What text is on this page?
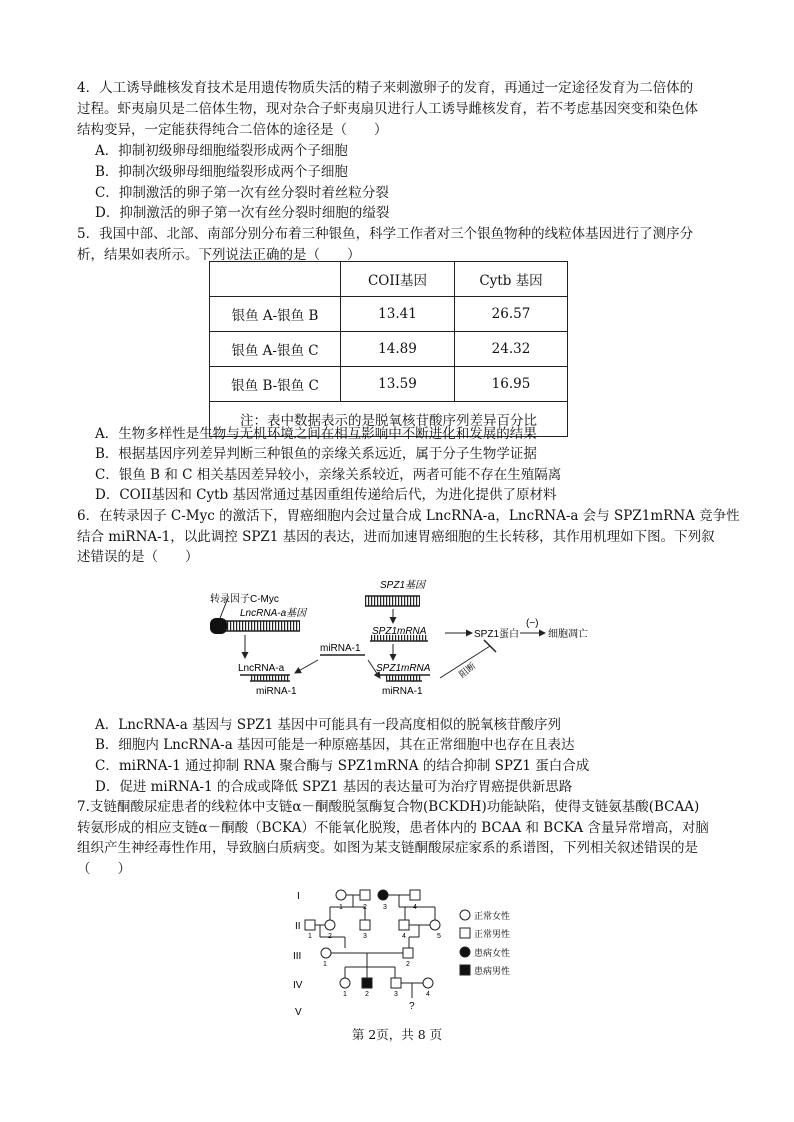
4．人工诱导雌核发育技术是用遗传物质失活的精子来刺激卵子的发育，再通过一定途径发育为二倍体的
过程。虾夷扇贝是二倍体生物，现对杂合子虾夷扇贝进行人工诱导雌核发育，若不考虑基因突变和染色体
结构变异，一定能获得纯合二倍体的途径是（　　）
A．抑制初级卵母细胞缢裂形成两个子细胞
B．抑制次级卵母细胞缢裂形成两个子细胞
C．抑制激活的卵子第一次有丝分裂时着丝粒分裂
D．抑制激活的卵子第一次有丝分裂时细胞的缢裂
5．我国中部、北部、南部分别分布着三种银鱼，科学工作者对三个银鱼物种的线粒体基因进行了测序分
析，结果如表所示。下列说法正确的是（　　）
	COII基因	Cytb 基因
银鱼 A-银鱼 B	13.41	26.57
银鱼 A-银鱼 C	14.89	24.32
银鱼 B-银鱼 C	13.59	16.95
注：表中数据表示的是脱氧核苷酸序列差异百分比		
A．生物多样性是生物与无机环境之间在相互影响中不断进化和发展的结果
B．根据基因序列差异判断三种银鱼的亲缘关系远近，属于分子生物学证据
C．银鱼 B 和 C 相关基因差异较小，亲缘关系较近，两者可能不存在生殖隔离
D．COII基因和 Cytb 基因常通过基因重组传递给后代，为进化提供了原材料
6．在转录因子 C-Myc 的激活下，胃癌细胞内会过量合成 LncRNA-a，LncRNA-a 会与 SPZ1mRNA 竞争性
结合 miRNA-1，以此调控 SPZ1 基因的表达，进而加速胃癌细胞的生长转移，其作用机理如下图。下列叙
述错误的是（　　）
转录因子C-Myc
LncRNA-a基因
SPZ1基因
SPZ1mRNA	SPZ1蛋白
(−)
细胞凋亡
miRNA-1
LncRNA-a
miRNA-1
SPZ1mRNA
miRNA-1
阻断
A．LncRNA-a 基因与 SPZ1 基因中可能具有一段高度相似的脱氧核苷酸序列
B．细胞内 LncRNA-a 基因可能是一种原癌基因，其在正常细胞中也存在且表达
C．miRNA-1 通过抑制 RNA 聚合酶与 SPZ1mRNA 的结合抑制 SPZ1 蛋白合成
D．促进 miRNA-1 的合成或降低 SPZ1 基因的表达量可为治疗胃癌提供新思路
7.支链酮酸尿症患者的线粒体中支链α－酮酸脱氢酶复合物(BCKDH)功能缺陷，使得支链氨基酸(BCAA)
转氨形成的相应支链α－酮酸（BCKA）不能氧化脱羧，患者体内的 BCAA 和 BCKA 含量异常增高，对脑
组织产生神经毒性作用，导致脑白质病变。如图为某支链酮酸尿症家系的系谱图，下列相关叙述错误的是
（　　）
I
II
III
IV
V
?
1	2 3	4
1 2	3	4	5
1	2
1	2	3	4
正常女性
正常男性
患病女性
患病男性
第 2页，共 8 页
